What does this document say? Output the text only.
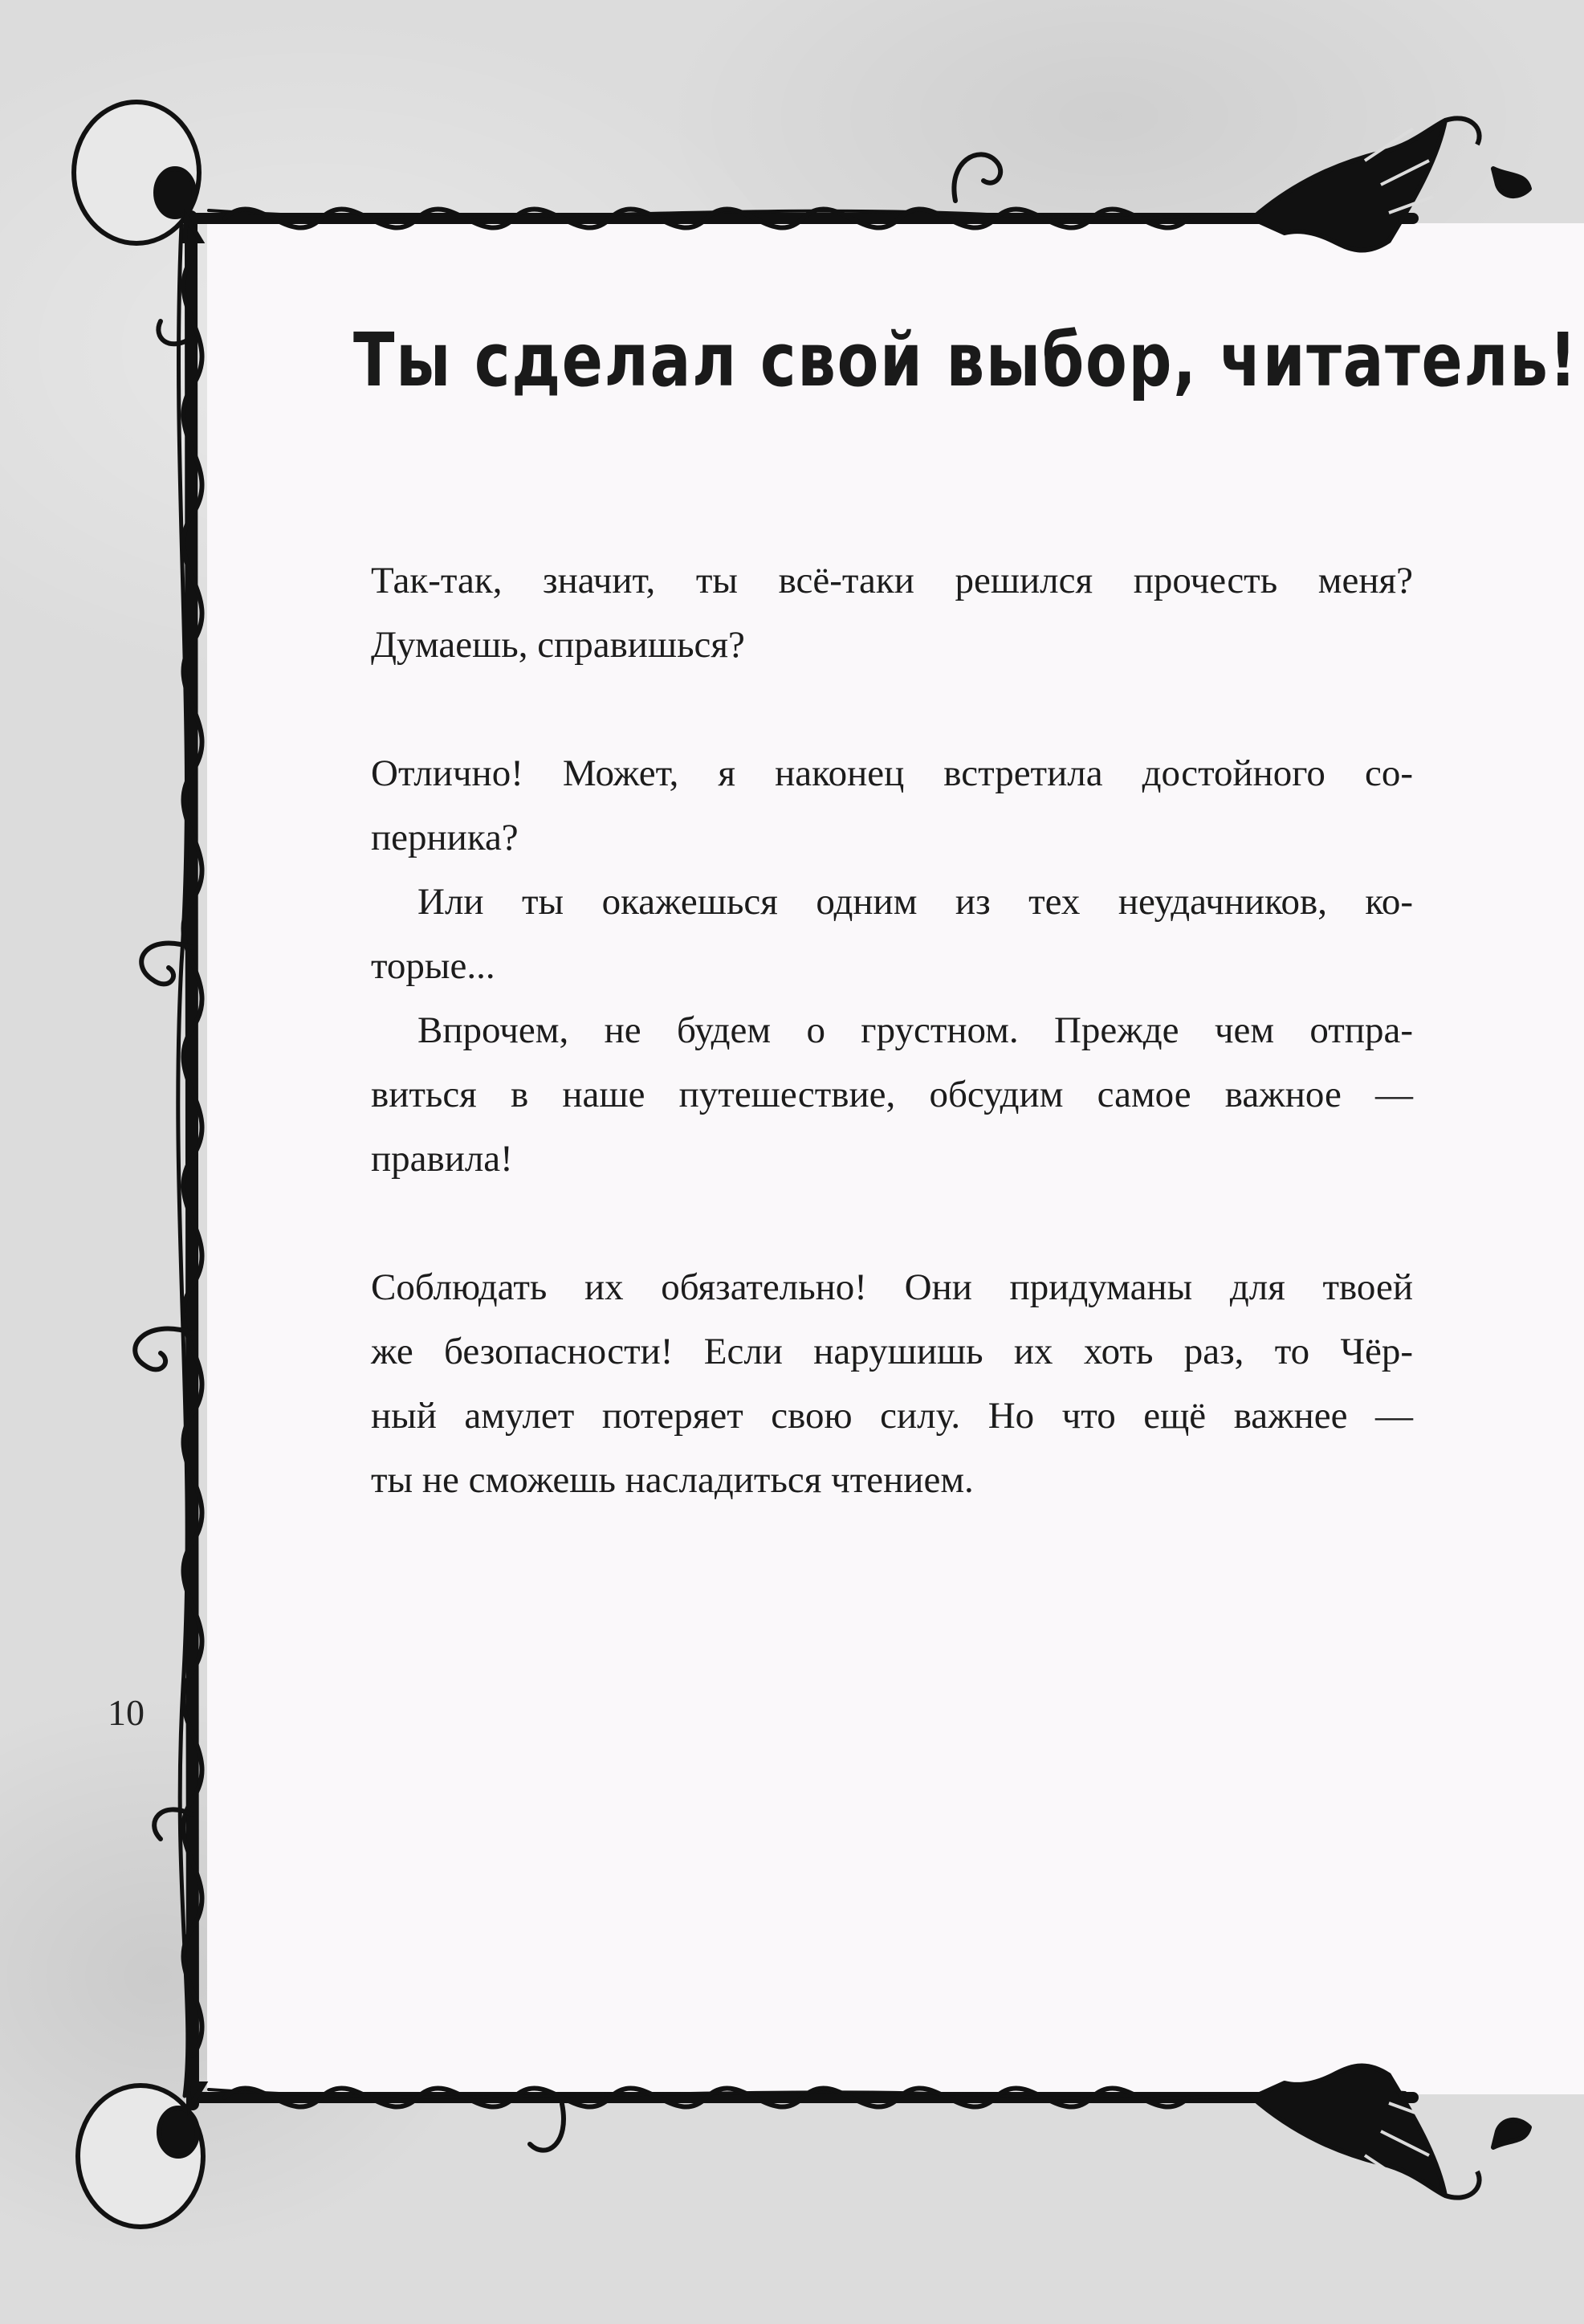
Ты сделал свой выбор, читатель!
Так-так, значит, ты всё-таки решился прочесть меня?
Думаешь, справишься?
Отлично! Может, я наконец встретила достойного со-
перника?
Или ты окажешься одним из тех неудачников, ко-
торые...
Впрочем, не будем о грустном. Прежде чем отпра-
виться в наше путешествие, обсудим самое важное —
правила!
Соблюдать их обязательно! Они придуманы для твоей
же безопасности! Если нарушишь их хоть раз, то Чёр-
ный амулет потеряет свою силу. Но что ещё важнее —
ты не сможешь насладиться чтением.
10
